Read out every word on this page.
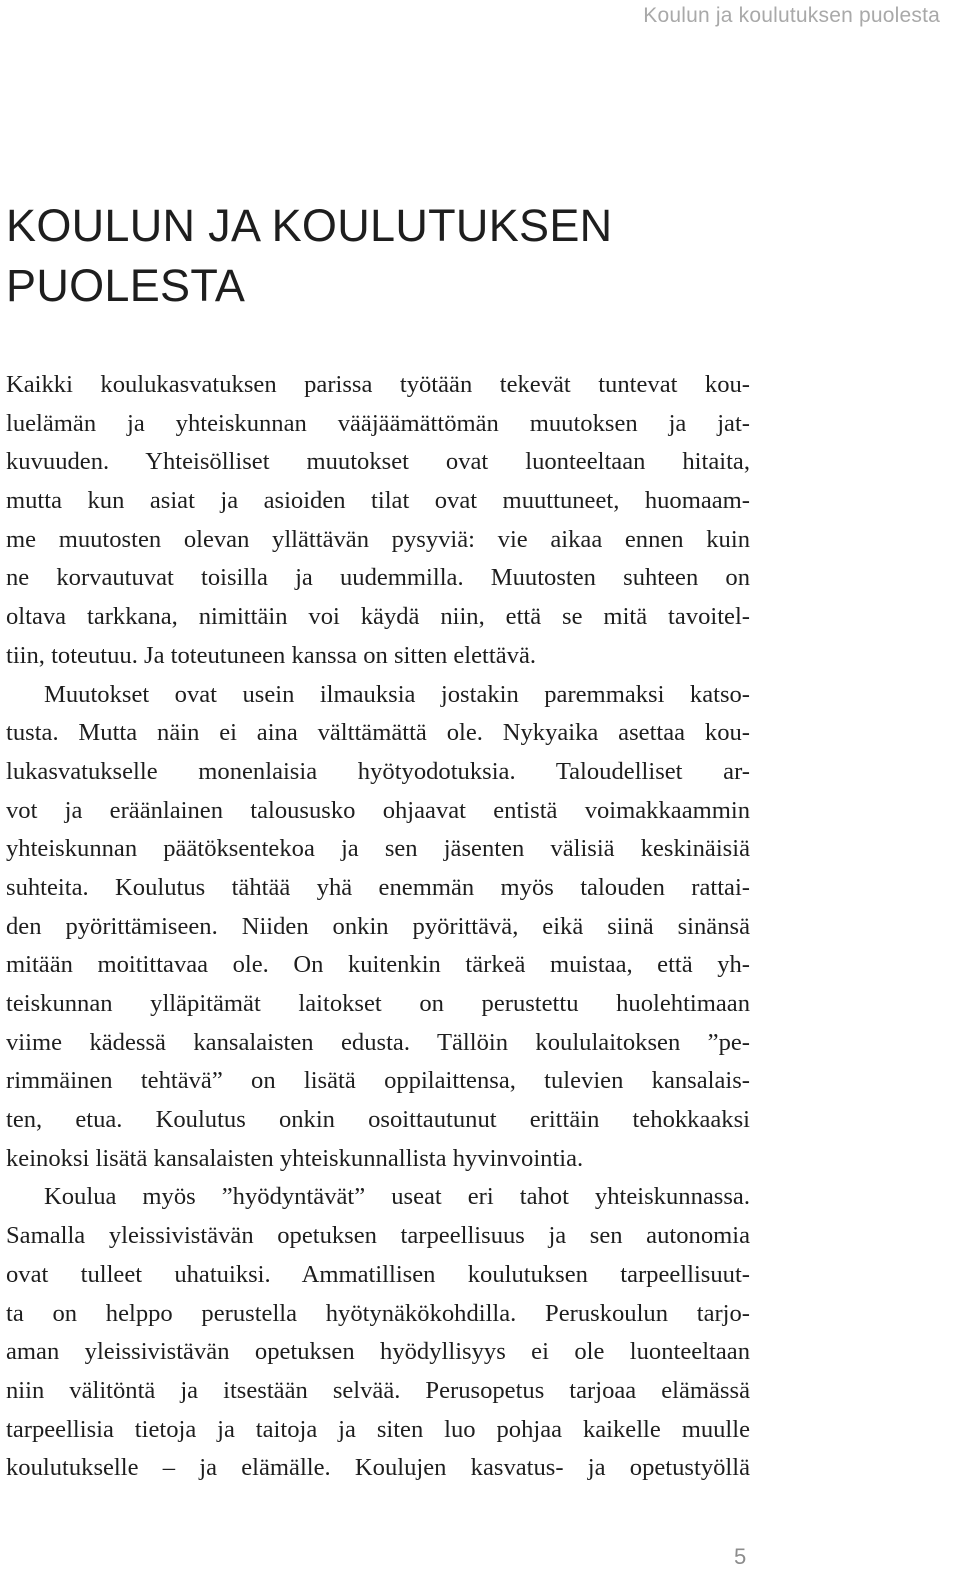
Koulun ja koulutuksen puolesta
KOULUN JA KOULUTUKSEN
PUOLESTA
Kaikki koulukasvatuksen parissa työtään tekevät tuntevat kou-
luelämän ja yhteiskunnan vääjäämättömän muutoksen ja jat-
kuvuuden. Yhteisölliset muutokset ovat luonteeltaan hitaita,
mutta kun asiat ja asioiden tilat ovat muuttuneet, huomaam-
me muutosten olevan yllättävän pysyviä: vie aikaa ennen kuin
ne korvautuvat toisilla ja uudemmilla. Muutosten suhteen on
oltava tarkkana, nimittäin voi käydä niin, että se mitä tavoitel-
tiin, toteutuu. Ja toteutuneen kanssa on sitten elettävä.
Muutokset ovat usein ilmauksia jostakin paremmaksi katso-
tusta. Mutta näin ei aina välttämättä ole. Nykyaika asettaa kou-
lukasvatukselle monenlaisia hyötyodotuksia. Taloudelliset ar-
vot ja eräänlainen taloususko ohjaavat entistä voimakkaammin
yhteiskunnan päätöksentekoa ja sen jäsenten välisiä keskinäisiä
suhteita. Koulutus tähtää yhä enemmän myös talouden rattai-
den pyörittämiseen. Niiden onkin pyörittävä, eikä siinä sinänsä
mitään moitittavaa ole. On kuitenkin tärkeä muistaa, että yh-
teiskunnan ylläpitämät laitokset on perustettu huolehtimaan
viime kädessä kansalaisten edusta. Tällöin koululaitoksen ”pe-
rimmäinen tehtävä” on lisätä oppilaittensa, tulevien kansalais-
ten, etua. Koulutus onkin osoittautunut erittäin tehokkaaksi
keinoksi lisätä kansalaisten yhteiskunnallista hyvinvointia.
Koulua myös ”hyödyntävät” useat eri tahot yhteiskunnassa.
Samalla yleissivistävän opetuksen tarpeellisuus ja sen autonomia
ovat tulleet uhatuiksi. Ammatillisen koulutuksen tarpeellisuut-
ta on helppo perustella hyötynäkökohdilla. Peruskoulun tarjo-
aman yleissivistävän opetuksen hyödyllisyys ei ole luonteeltaan
niin välitöntä ja itsestään selvää. Perusopetus tarjoaa elämässä
tarpeellisia tietoja ja taitoja ja siten luo pohjaa kaikelle muulle
koulutukselle – ja elämälle. Koulujen kasvatus- ja opetustyöllä
5
